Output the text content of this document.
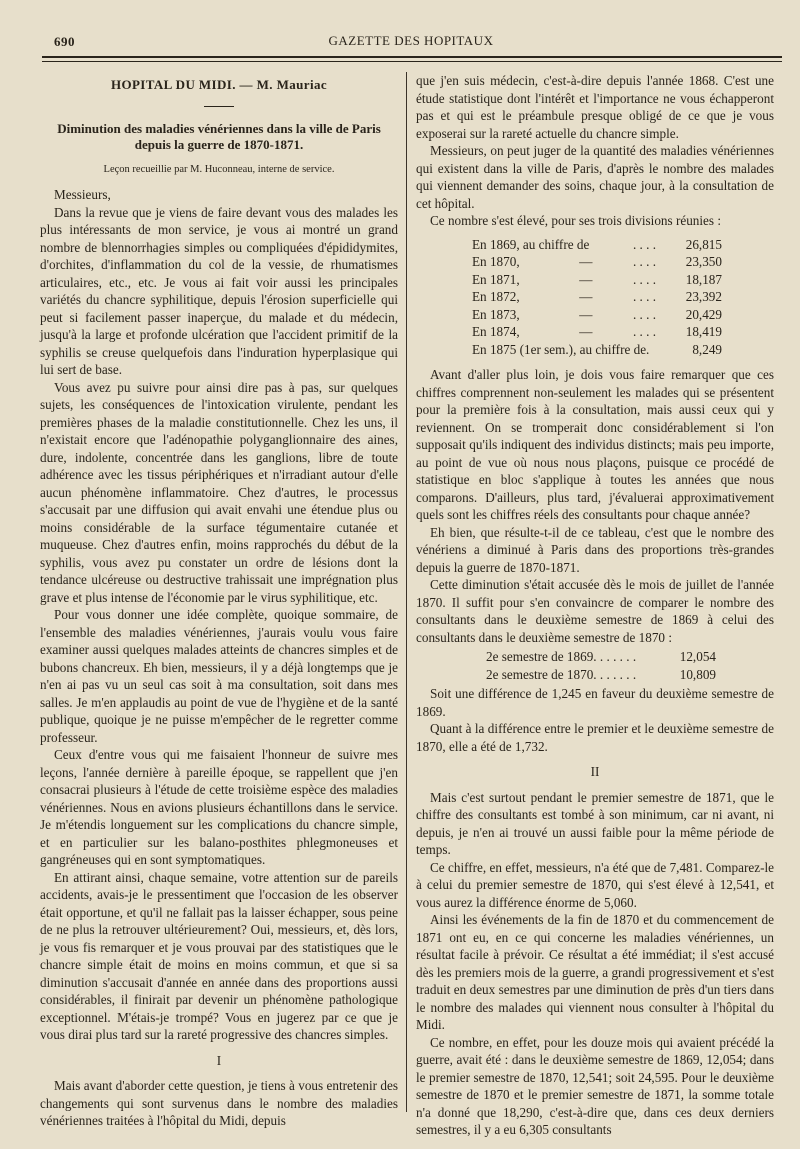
690	GAZETTE DES HOPITAUX
HOPITAL DU MIDI. — M. Mauriac
Diminution des maladies vénériennes dans la ville de Paris depuis la guerre de 1870-1871.
Leçon recueillie par M. Huconneau, interne de service.

Messieurs,

Dans la revue que je viens de faire devant vous des malades les plus intéressants de mon service, je vous ai montré un grand nombre de blennorrhagies simples ou compliquées d'épididymites, d'orchites, d'inflammation du col de la vessie, de rhumatismes articulaires, etc., etc. Je vous ai fait voir aussi les principales variétés du chancre syphilitique, depuis l'érosion superficielle qui peut si facilement passer inaperçue, du malade et du médecin, jusqu'à la large et profonde ulcération que l'accident primitif de la syphilis se creuse quelquefois dans l'induration hyperplasique qui lui sert de base.

Vous avez pu suivre pour ainsi dire pas à pas, sur quelques sujets, les conséquences de l'intoxication virulente, pendant les premières phases de la maladie constitutionnelle. Chez les uns, il n'existait encore que l'adénopathie polyganglionnaire des aines, dure, indolente, concentrée dans les ganglions, libre de toute adhérence avec les tissus périphériques et n'irradiant autour d'elle aucun phénomène inflammatoire. Chez d'autres, le processus s'accusait par une diffusion qui avait envahi une étendue plus ou moins considérable de la surface tégumentaire cutanée et muqueuse. Chez d'autres enfin, moins rapprochés du début de la syphilis, vous avez pu constater un ordre de lésions dont la tendance ulcéreuse ou destructive trahissait une imprégnation plus grave et plus intense de l'économie par le virus syphilitique, etc.

Pour vous donner une idée complète, quoique sommaire, de l'ensemble des maladies vénériennes, j'aurais voulu vous faire examiner aussi quelques malades atteints de chancres simples et de bubons chancreux. Eh bien, messieurs, il y a déjà longtemps que je n'en ai pas vu un seul cas soit à ma consultation, soit dans mes salles. Je m'en applaudis au point de vue de l'hygiène et de la santé publique, quoique je ne puisse m'empêcher de le regretter comme professeur.

Ceux d'entre vous qui me faisaient l'honneur de suivre mes leçons, l'année dernière à pareille époque, se rappellent que j'en consacrai plusieurs à l'étude de cette troisième espèce des maladies vénériennes. Nous en avions plusieurs échantillons dans le service. Je m'étendis longuement sur les complications du chancre simple, et en particulier sur les balano-posthites phlegmoneuses et gangréneuses qui en sont symptomatiques.

En attirant ainsi, chaque semaine, votre attention sur de pareils accidents, avais-je le pressentiment que l'occasion de les observer était opportune, et qu'il ne fallait pas la laisser échapper, sous peine de ne plus la retrouver ultérieurement? Oui, messieurs, et, dès lors, je vous fis remarquer et je vous prouvai par des statistiques que le chancre simple était de moins en moins commun, et que si sa diminution s'accusait d'année en année dans des proportions aussi considérables, il finirait par devenir un phénomène pathologique exceptionnel. M'étais-je trompé? Vous en jugerez par ce que je vous dirai plus tard sur la rareté progressive des chancres simples.

I

Mais avant d'aborder cette question, je tiens à vous entretenir des changements qui sont survenus dans le nombre des maladies vénériennes traitées à l'hôpital du Midi, depuis

que j'en suis médecin, c'est-à-dire depuis l'année 1868. C'est une étude statistique dont l'intérêt et l'importance ne vous échapperont pas et qui est le préambule presque obligé de ce que je vous exposerai sur la rareté actuelle du chancre simple.

Messieurs, on peut juger de la quantité des maladies vénériennes qui existent dans la ville de Paris, d'après le nombre des malades qui viennent demander des soins, chaque jour, à la consultation de cet hôpital.

Ce nombre s'est élevé, pour ses trois divisions réunies :

En 1869, au chiffre de	. . . .	26,815
En 1870,	—	. . . .	23,350
En 1871,	—	. . . .	18,187
En 1872,	—	. . . .	23,392
En 1873,	—	. . . .	20,429
En 1874,	—	. . . .	18,419
En 1875 (1er sem.), au chiffre de.	8,249

Avant d'aller plus loin, je dois vous faire remarquer que ces chiffres comprennent non-seulement les malades qui se présentent pour la première fois à la consultation, mais aussi ceux qui y reviennent. On se tromperait donc considérablement si l'on supposait qu'ils indiquent des individus distincts; mais peu importe, au point de vue où nous nous plaçons, puisque ce procédé de statistique en bloc s'applique à toutes les années que nous comparons. D'ailleurs, plus tard, j'évaluerai approximativement quels sont les chiffres réels des consultants pour chaque année?

Eh bien, que résulte-t-il de ce tableau, c'est que le nombre des vénériens a diminué à Paris dans des proportions très-grandes depuis la guerre de 1870-1871.

Cette diminution s'était accusée dès le mois de juillet de l'année 1870. Il suffit pour s'en convaincre de comparer le nombre des consultants dans le deuxième semestre de 1869 à celui des consultants dans le deuxième semestre de 1870 :

2e semestre de 1869. . . . . . .	12,054
2e semestre de 1870. . . . . . .	10,809

Soit une différence de 1,245 en faveur du deuxième semestre de 1869.

Quant à la différence entre le premier et le deuxième semestre de 1870, elle a été de 1,732.

II

Mais c'est surtout pendant le premier semestre de 1871, que le chiffre des consultants est tombé à son minimum, car ni avant, ni depuis, je n'en ai trouvé un aussi faible pour la même période de temps.

Ce chiffre, en effet, messieurs, n'a été que de 7,481. Comparez-le à celui du premier semestre de 1870, qui s'est élevé à 12,541, et vous aurez la différence énorme de 5,060.

Ainsi les événements de la fin de 1870 et du commencement de 1871 ont eu, en ce qui concerne les maladies vénériennes, un résultat facile à prévoir. Ce résultat a été immédiat; il s'est accusé dès les premiers mois de la guerre, a grandi progressivement et s'est traduit en deux semestres par une diminution de près d'un tiers dans le nombre des malades qui viennent nous consulter à l'hôpital du Midi.

Ce nombre, en effet, pour les douze mois qui avaient précédé la guerre, avait été : dans le deuxième semestre de 1869, 12,054; dans le premier semestre de 1870, 12,541; soit 24,595. Pour le deuxième semestre de 1870 et le premier semestre de 1871, la somme totale n'a donné que 18,290, c'est-à-dire que, dans ces deux derniers semestres, il y a eu 6,305 consultants
